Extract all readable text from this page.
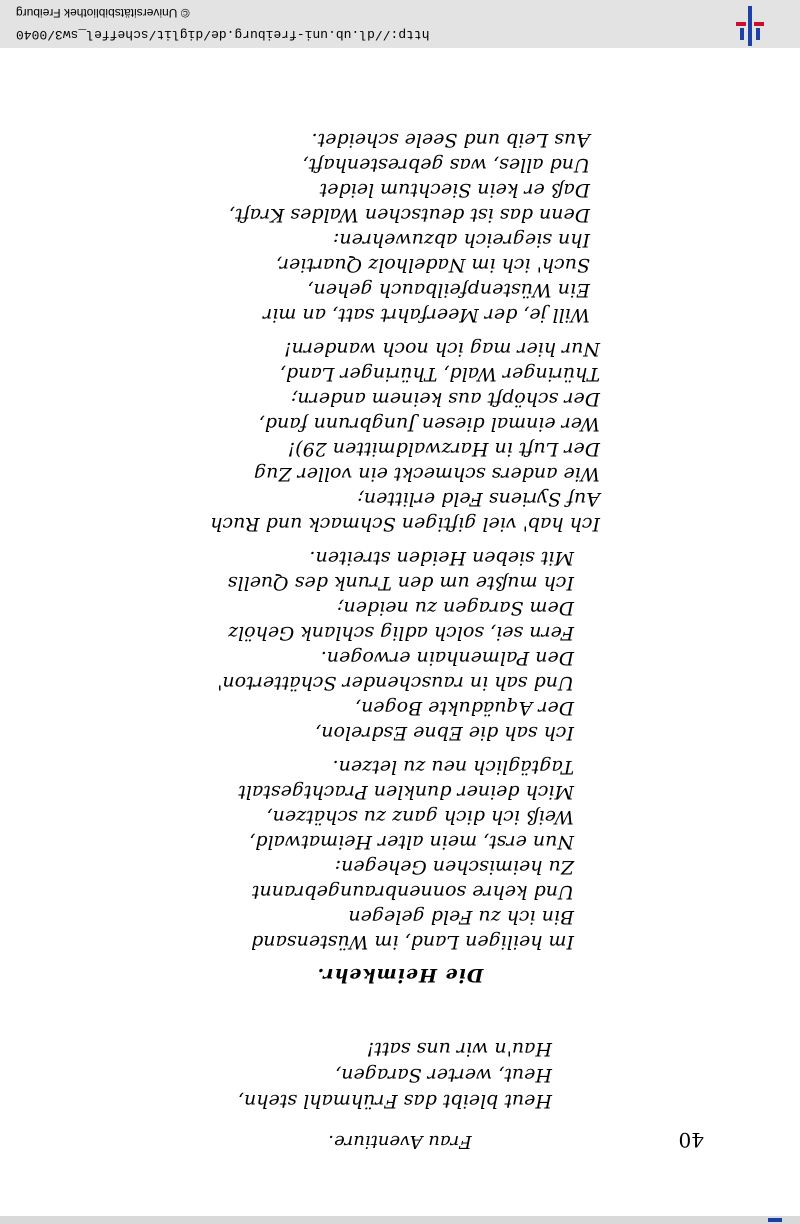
40
Frau Aventiure.
Heut bleibt das Frühmahl stehn,
Heut, werter Saragen,
Hau'n wir uns satt!
Die Heimkehr.
Im heiligen Land, im Wüstensand
Bin ich zu Feld gelegen
Und kehre sonnenbraungebrannt
Zu heimischen Gehegen:
Nun erst, mein alter Heimatwald,
Weiß ich dich ganz zu schätzen,
Mich deiner dunklen Prachtgestalt
Tagtäglich neu zu letzen.
Ich sah die Ebne Esdrelon,
Der Aquädukte Bogen,
Und sah in rauschender Schätterton'
Den Palmenhain erwogen.
Fern sei, solch adlig schlank Gehölz
Dem Saragen zu neiden;
Ich mußte um den Trunk des Quells
Mit sieben Heiden streiten.
Ich hab' viel giftigen Schmack und Ruch
Auf Syriens Feld erlitten;
Wie anders schmeckt ein voller Zug
Der Luft in Harzwaldmitten 29)!
Wer einmal diesen Jungbrunn fand,
Der schöpft aus keinem andern;
Thüringer Wald, Thüringer Land,
Nur hier mag ich noch wandern!
Will je, der Meerfahrt satt, an mir
Ein Wüstenpfeilbauch gehen,
Such' ich im Nadelholz Quartier,
Ihn siegreich abzuwehren:
Denn das ist deutschen Waldes Kraft,
Daß er kein Siechtum leidet
Und alles, was gebrestenhaft,
Aus Leib und Seele scheidet.
http://dl.ub.uni-freiburg.de/diglit/scheffel_sw3/0040
© Universitätsbibliothek Freiburg
